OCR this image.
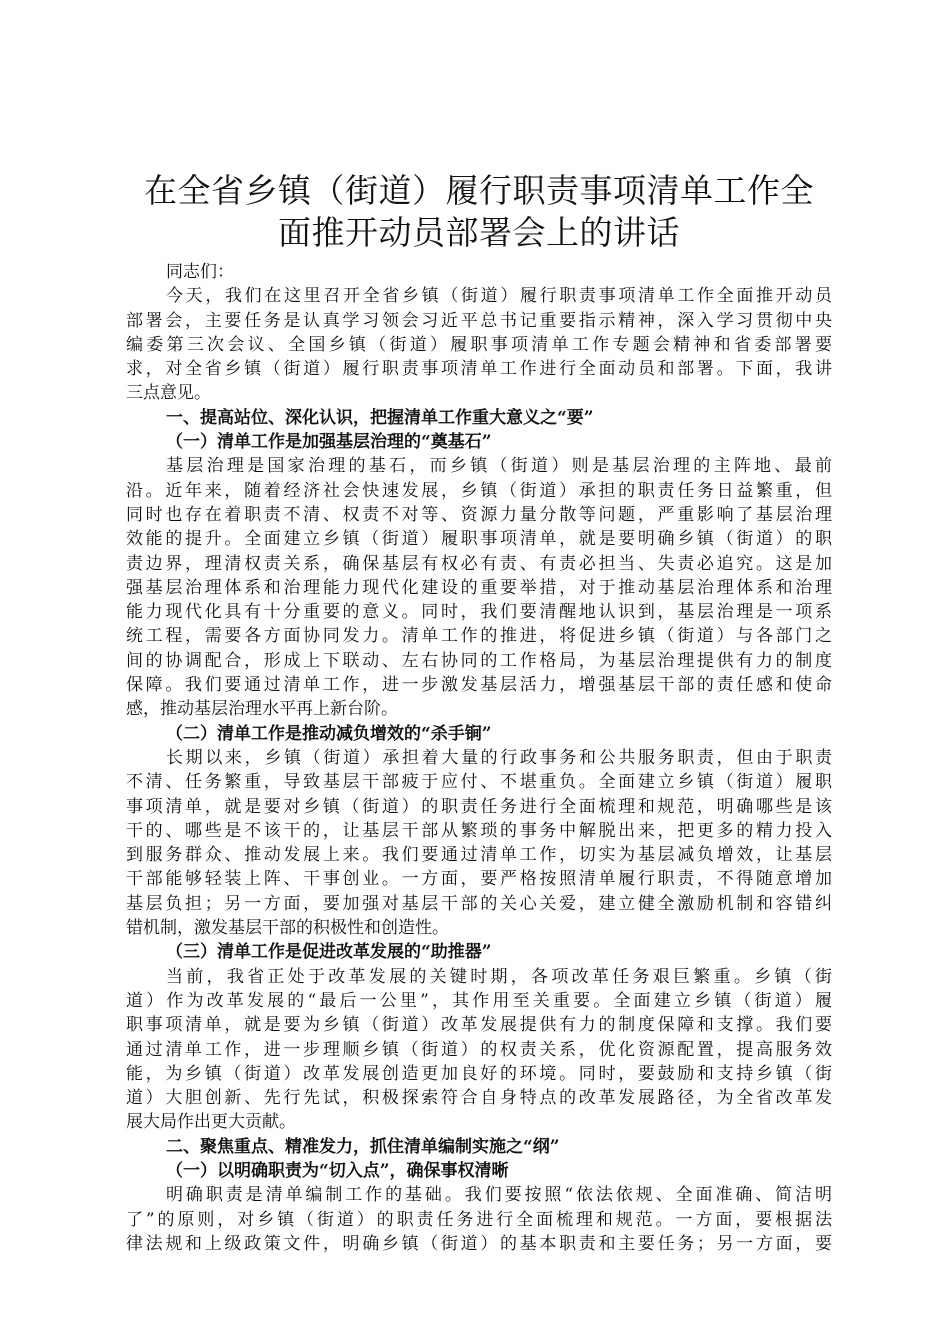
在全省乡镇（街道）履行职责事项清单工作全
面推开动员部署会上的讲话
同志们：
今天，我们在这里召开全省乡镇（街道）履行职责事项清单工作全面推开动员
部署会，主要任务是认真学习领会习近平总书记重要指示精神，深入学习贯彻中央
编委第三次会议、全国乡镇（街道）履职事项清单工作专题会精神和省委部署要
求，对全省乡镇（街道）履行职责事项清单工作进行全面动员和部署。下面，我讲
三点意见。
一、提高站位、深化认识，把握清单工作重大意义之“要”
（一）清单工作是加强基层治理的“奠基石”
基层治理是国家治理的基石，而乡镇（街道）则是基层治理的主阵地、最前
沿。近年来，随着经济社会快速发展，乡镇（街道）承担的职责任务日益繁重，但
同时也存在着职责不清、权责不对等、资源力量分散等问题，严重影响了基层治理
效能的提升。全面建立乡镇（街道）履职事项清单，就是要明确乡镇（街道）的职
责边界，理清权责关系，确保基层有权必有责、有责必担当、失责必追究。这是加
强基层治理体系和治理能力现代化建设的重要举措，对于推动基层治理体系和治理
能力现代化具有十分重要的意义。同时，我们要清醒地认识到，基层治理是一项系
统工程，需要各方面协同发力。清单工作的推进，将促进乡镇（街道）与各部门之
间的协调配合，形成上下联动、左右协同的工作格局，为基层治理提供有力的制度
保障。我们要通过清单工作，进一步激发基层活力，增强基层干部的责任感和使命
感，推动基层治理水平再上新台阶。
（二）清单工作是推动减负增效的“杀手锏”
长期以来，乡镇（街道）承担着大量的行政事务和公共服务职责，但由于职责
不清、任务繁重，导致基层干部疲于应付、不堪重负。全面建立乡镇（街道）履职
事项清单，就是要对乡镇（街道）的职责任务进行全面梳理和规范，明确哪些是该
干的、哪些是不该干的，让基层干部从繁琐的事务中解脱出来，把更多的精力投入
到服务群众、推动发展上来。我们要通过清单工作，切实为基层减负增效，让基层
干部能够轻装上阵、干事创业。一方面，要严格按照清单履行职责，不得随意增加
基层负担；另一方面，要加强对基层干部的关心关爱，建立健全激励机制和容错纠
错机制，激发基层干部的积极性和创造性。
（三）清单工作是促进改革发展的“助推器”
当前，我省正处于改革发展的关键时期，各项改革任务艰巨繁重。乡镇（街
道）作为改革发展的“最后一公里”，其作用至关重要。全面建立乡镇（街道）履
职事项清单，就是要为乡镇（街道）改革发展提供有力的制度保障和支撑。我们要
通过清单工作，进一步理顺乡镇（街道）的权责关系，优化资源配置，提高服务效
能，为乡镇（街道）改革发展创造更加良好的环境。同时，要鼓励和支持乡镇（街
道）大胆创新、先行先试，积极探索符合自身特点的改革发展路径，为全省改革发
展大局作出更大贡献。
二、聚焦重点、精准发力，抓住清单编制实施之“纲”
（一）以明确职责为“切入点”，确保事权清晰
明确职责是清单编制工作的基础。我们要按照“依法依规、全面准确、简洁明
了”的原则，对乡镇（街道）的职责任务进行全面梳理和规范。一方面，要根据法
律法规和上级政策文件，明确乡镇（街道）的基本职责和主要任务；另一方面，要
